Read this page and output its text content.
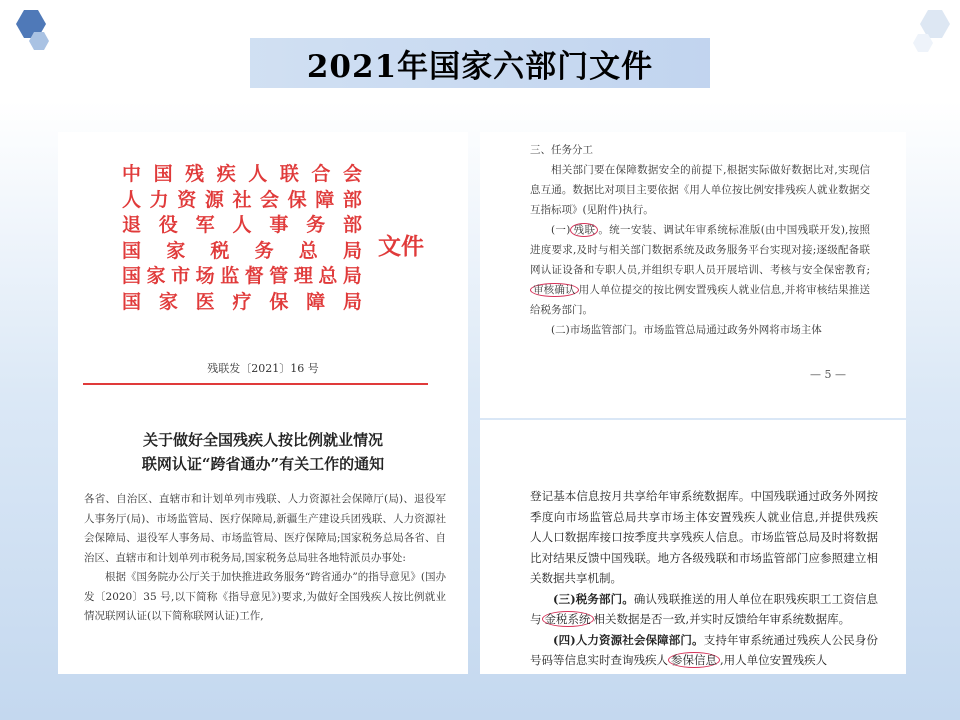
2021年国家六部门文件
中 国 残 疾 人 联 合 会
人 力 资 源 社 会 保 障 部
退 役 军 人 事 务 部
国 家 税 务 总 局
国 家 市 场 监 督 管 理 总 局
国 家 医 疗 保 障 局
文件
残联发〔2021〕16 号
关于做好全国残疾人按比例就业情况
联网认证“跨省通办”有关工作的通知

各省、自治区、直辖市和计划单列市残联、人力资源社会保障厅(局)、退役军人事务厅(局)、市场监管局、医疗保障局,新疆生产建设兵团残联、人力资源社会保障局、退役军人事务局、市场监管局、医疗保障局;国家税务总局各省、自治区、直辖市和计划单列市税务局,国家税务总局驻各地特派员办事处:

根据《国务院办公厅关于加快推进政务服务“跨省通办”的指导意见》(国办发〔2020〕35 号,以下简称《指导意见》)要求,为做好全国残疾人按比例就业情况联网认证(以下简称联网认证)工作,

三、任务分工

相关部门要在保障数据安全的前提下,根据实际做好数据比对,实现信息互通。数据比对项目主要依据《用人单位按比例安排残疾人就业数据交互指标项》(见附件)执行。

(一) 残联 。统一安装、调试年审系统标准版(由中国残联开发),按照进度要求,及时与相关部门数据系统及政务服务平台实现对接;逐级配备联网认证设备和专职人员,并组织专职人员开展培训、考核与安全保密教育;审核确认 用人单位提交的按比例安置残疾人就业信息,并将审核结果推送给税务部门。

(二)市场监管部门。市场监管总局通过政务外网将市场主体

— 5 —

登记基本信息按月共享给年审系统数据库。中国残联通过政务外网按季度向市场监管总局共享市场主体安置残疾人就业信息,并提供残疾人人口数据库接口按季度共享残疾人信息。市场监管总局及时将数据比对结果反馈中国残联。地方各级残联和市场监管部门应参照建立相关数据共享机制。

(三)税务部门。确认残联推送的用人单位在职残疾职工工资信息与 金税系统 相关数据是否一致,并实时反馈给年审系统数据库。

(四)人力资源社会保障部门。支持年审系统通过残疾人公民身份号码等信息实时查询残疾人 参保信息 ,用人单位安置残疾人
